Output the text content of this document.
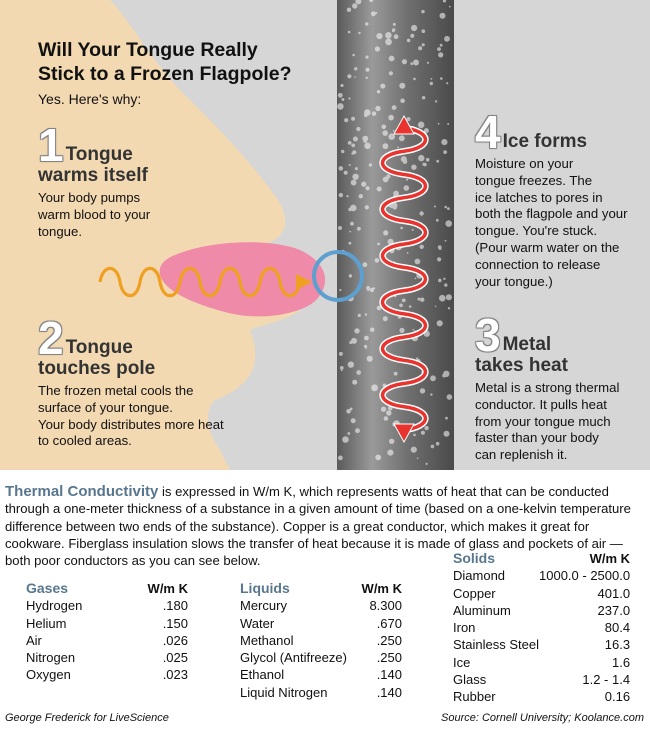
Will Your Tongue Really
Stick to a Frozen Flagpole?
Yes. Here's why:
1 Tongue
warms itself
Your body pumps
warm blood to your
tongue.
2 Tongue
touches pole
The frozen metal cools the
surface of your tongue.
Your body distributes more heat
to cooled areas.
3 Metal
takes heat
Metal is a strong thermal
conductor. It pulls heat
from your tongue much
faster than your body
can replenish it.
4 Ice forms
Moisture on your
tongue freezes. The
ice latches to pores in
both the flagpole and your
tongue. You're stuck.
(Pour warm water on the
connection to release
your tongue.)
Thermal Conductivity is expressed in W/m K, which represents watts of heat that can be conducted through a one-meter thickness of a substance in a given amount of time (based on a one-kelvin temperature difference between two ends of the substance). Copper is a great conductor, which makes it great for cookware. Fiberglass insulation slows the transfer of heat because it is made of glass and pockets of air — both poor conductors as you can see below.
Gases	W/m K
Hydrogen	.180
Helium	.150
Air	.026
Nitrogen	.025
Oxygen	.023
Liquids	W/m K
Mercury	8.300
Water	.670
Methanol	.250
Glycol (Antifreeze)	.250
Ethanol	.140
Liquid Nitrogen	.140
Solids	W/m K
Diamond	1000.0 - 2500.0
Copper	401.0
Aluminum	237.0
Iron	80.4
Stainless Steel	16.3
Ice	1.6
Glass	1.2 - 1.4
Rubber	0.16
George Frederick for LiveScience	Source: Cornell University; Koolance.com
